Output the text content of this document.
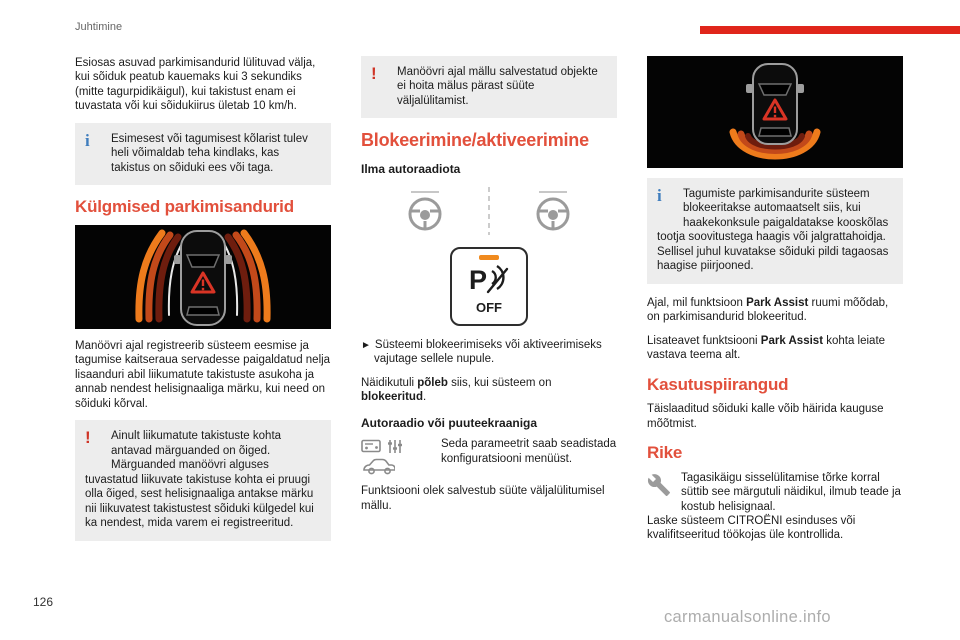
Juhtimine

Esiosas asuvad parkimisandurid lülituvad välja, kui sõiduk peatub kauemaks kui 3 sekundiks (mitte tagurpidikäigul), kui takistust enam ei tuvastata või kui sõidukiirus ületab 10 km/h.

i	Esimesest või tagumisest kõlarist tulev heli võimaldab teha kindlaks, kas takistus on sõiduki ees või taga.
Külgmised parkimisandurid

Manöövri ajal registreerib süsteem eesmise ja tagumise kaitseraua servadesse paigaldatud nelja lisaanduri abil liikumatute takistuste asukoha ja annab nendest helisignaaliga märku, kui need on sõiduki kõrval.

!	Ainult liikumatute takistuste kohta antavad märguanded on õiged. Märguanded manöövri alguses tuvastatud liikuvate takistuse kohta ei pruugi olla õiged, sest helisignaaliga antakse märku nii liikuvatest takistustest sõiduki külgedel kui ka nendest, mida varem ei registreeritud.
!	Manöövri ajal mällu salvestatud objekte ei hoita mälus pärast süüte väljalülitamist.
Blokeerimine/aktiveerimine
Ilma autoraadiota
P
OFF

► Süsteemi blokeerimiseks või aktiveerimiseks vajutage sellele nupule.

Näidikutuli põleb siis, kui süsteem on blokeeritud.

Autoraadio või puuteekraaniga
Seda parameetrit saab seadistada konfiguratsiooni menüüst.

Funktsiooni olek salvestub süüte väljalülitumisel mällu.

i	Tagumiste parkimisandurite süsteem blokeeritakse automaatselt siis, kui haakekonksule paigaldatakse kooskõlas tootja soovitustega haagis või jalgrattahoidja. Sellisel juhul kuvatakse sõiduki pildi tagaosas haagise piirjooned.

Ajal, mil funktsioon Park Assist ruumi mõõdab, on parkimisandurid blokeeritud.

Lisateavet funktsiooni Park Assist kohta leiate vastava teema alt.

Kasutuspiirangud

Täislaaditud sõiduki kalle võib häirida kauguse mõõtmist.

Rike
Tagasikäigu sisselülitamise tõrke korral süttib see märgutuli näidikul, ilmub teade ja kostub helisignaal.

Laske süsteem CITROËNI esinduses või kvalifitseeritud töökojas üle kontrollida.

126
carmanualsonline.info
